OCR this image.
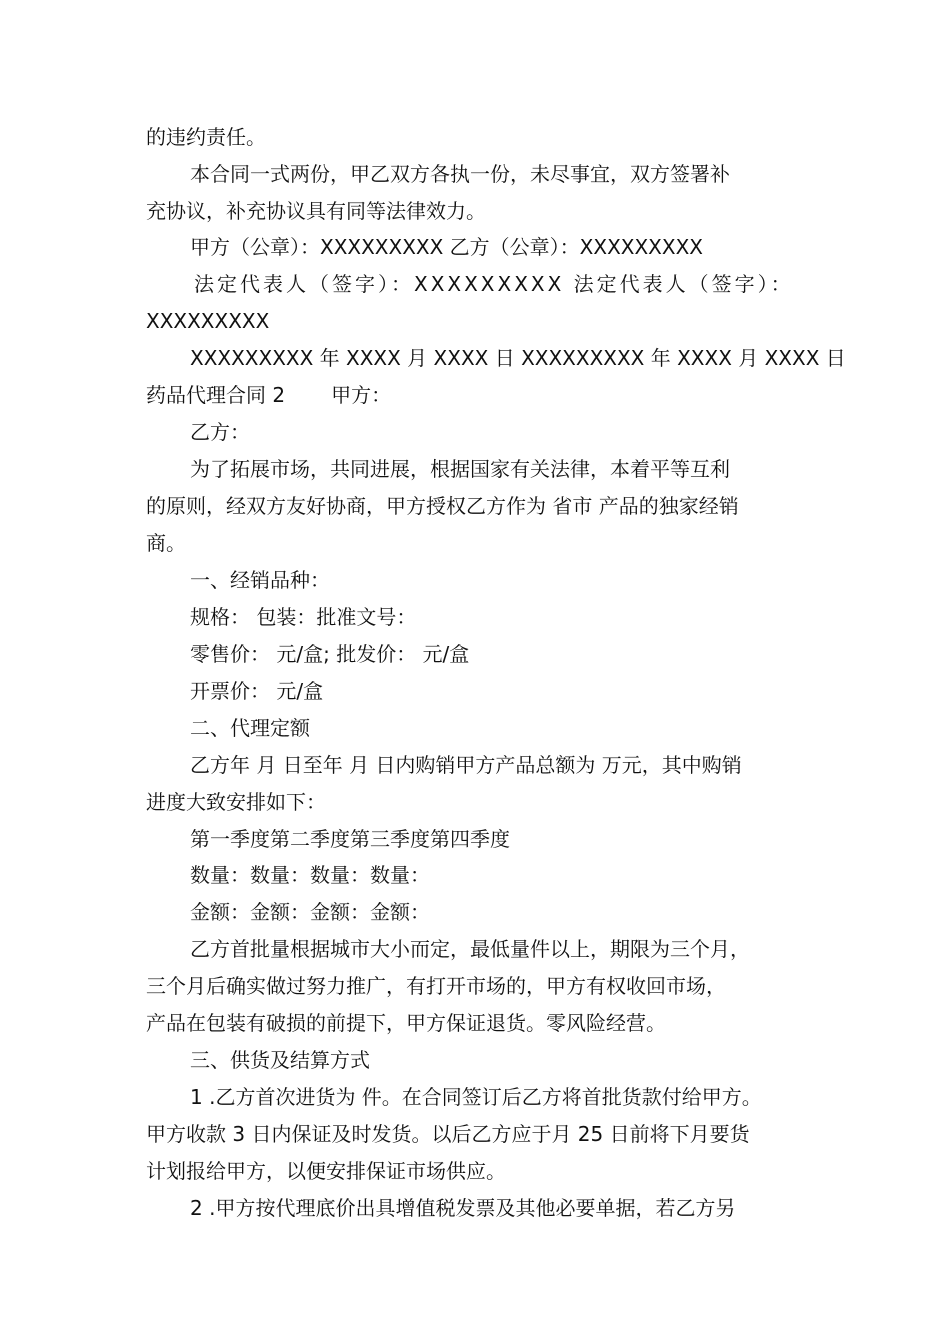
的违约责任。
本合同一式两份，甲乙双方各执一份，未尽事宜，双方签署补
充协议，补充协议具有同等法律效力。
甲方（公章）：XXXXXXXXX 乙方（公章）：XXXXXXXXX
法定代表人（签字）：XXXXXXXXX 法定代表人（签字）：
XXXXXXXXX
XXXXXXXXX 年 XXXX 月 XXXX 日 XXXXXXXXX 年 XXXX 月 XXXX 日
药品代理合同 2 甲方：
乙方：
为了拓展市场，共同进展，根据国家有关法律，本着平等互利
的原则，经双方友好协商，甲方授权乙方作为 省市 产品的独家经销
商。
一、经销品种：
规格： 包装：批准文号：
零售价： 元/盒; 批发价： 元/盒
开票价： 元/盒
二、代理定额
乙方年 月 日至年 月 日内购销甲方产品总额为 万元，其中购销
进度大致安排如下：
第一季度第二季度第三季度第四季度
数量：数量：数量：数量：
金额：金额：金额：金额：
乙方首批量根据城市大小而定，最低量件以上，期限为三个月，
三个月后确实做过努力推广，有打开市场的，甲方有权收回市场，
产品在包装有破损的前提下，甲方保证退货。零风险经营。
三、供货及结算方式
1 .乙方首次进货为 件。在合同签订后乙方将首批货款付给甲方。
甲方收款 3 日内保证及时发货。以后乙方应于月 25 日前将下月要货
计划报给甲方，以便安排保证市场供应。
2 .甲方按代理底价出具增值税发票及其他必要单据，若乙方另
